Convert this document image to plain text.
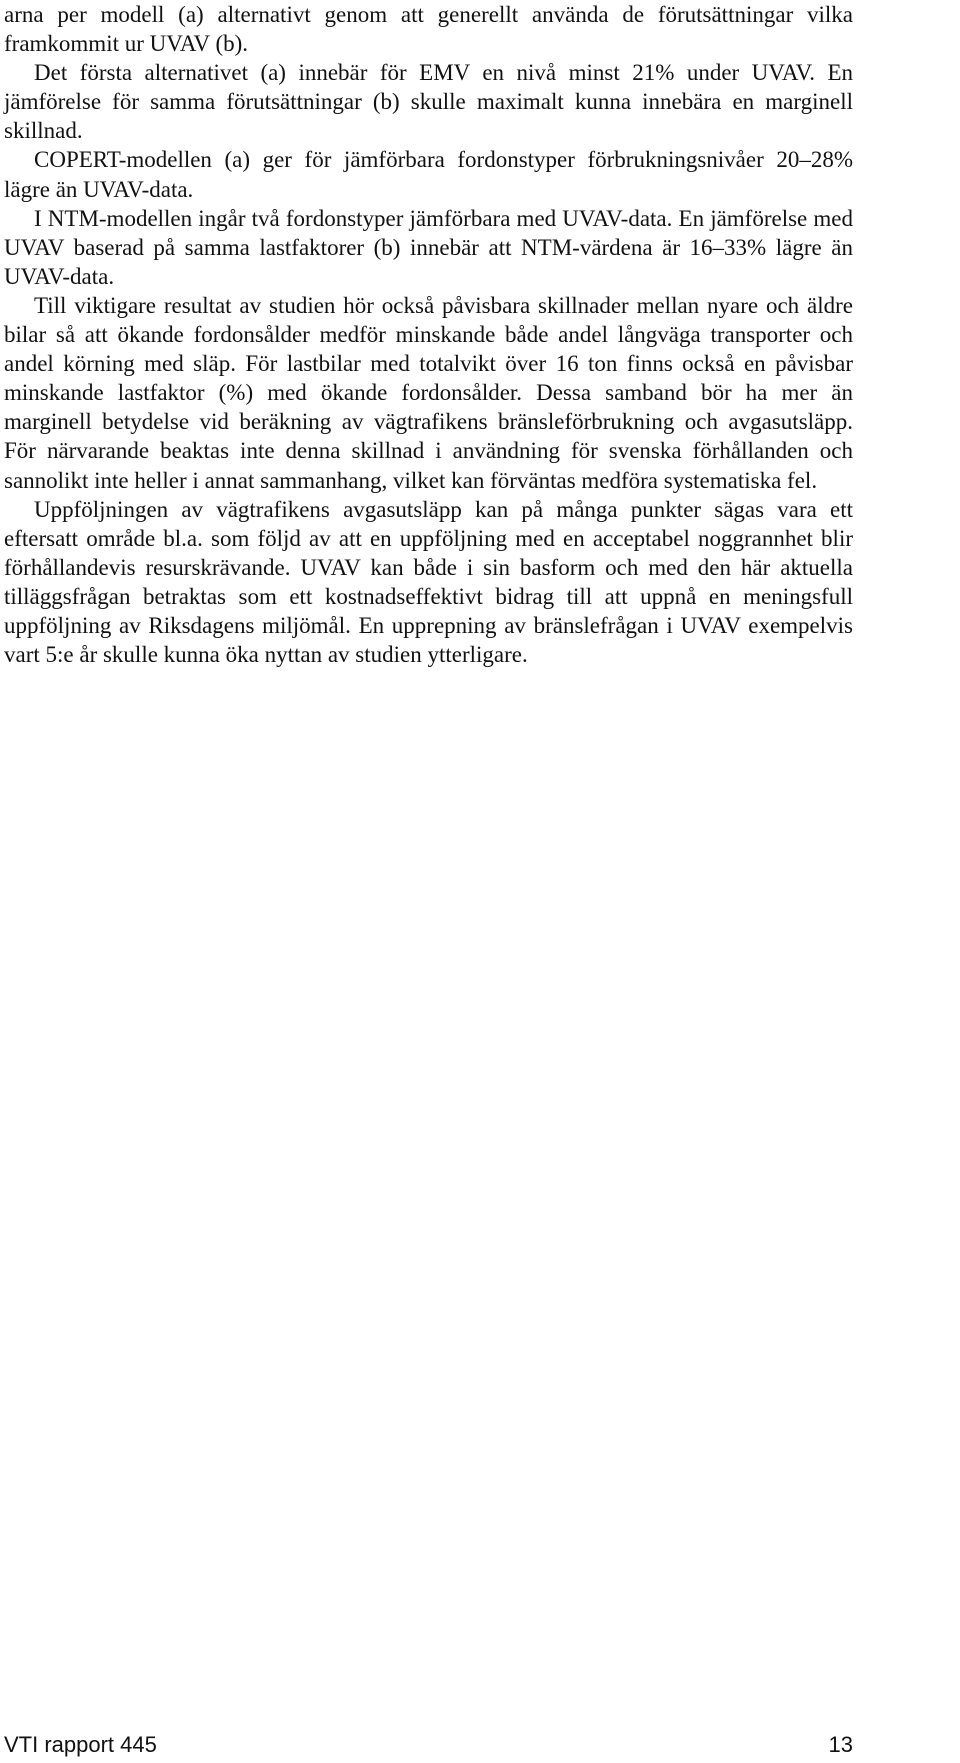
arna per modell (a) alternativt genom att generellt använda de förutsättningar vilka framkommit ur UVAV (b).

Det första alternativet (a) innebär för EMV en nivå minst 21% under UVAV. En jämförelse för samma förutsättningar (b) skulle maximalt kunna innebära en marginell skillnad.

COPERT-modellen (a) ger för jämförbara fordonstyper förbrukningsnivåer 20–28% lägre än UVAV-data.

I NTM-modellen ingår två fordonstyper jämförbara med UVAV-data. En jämförelse med UVAV baserad på samma lastfaktorer (b) innebär att NTM-värdena är 16–33% lägre än UVAV-data.

Till viktigare resultat av studien hör också påvisbara skillnader mellan nyare och äldre bilar så att ökande fordonsålder medför minskande både andel långväga transporter och andel körning med släp. För lastbilar med totalvikt över 16 ton finns också en påvisbar minskande lastfaktor (%) med ökande fordonsålder. Dessa samband bör ha mer än marginell betydelse vid beräkning av vägtrafikens bränsleförbrukning och avgasutsläpp. För närvarande beaktas inte denna skillnad i användning för svenska förhållanden och sannolikt inte heller i annat sammanhang, vilket kan förväntas medföra systematiska fel.

Uppföljningen av vägtrafikens avgasutsläpp kan på många punkter sägas vara ett eftersatt område bl.a. som följd av att en uppföljning med en acceptabel noggrannhet blir förhållandevis resurskrävande. UVAV kan både i sin basform och med den här aktuella tilläggsfrågan betraktas som ett kostnadseffektivt bidrag till att uppnå en meningsfull uppföljning av Riksdagens miljömål. En upprepning av bränslefrågan i UVAV exempelvis vart 5:e år skulle kunna öka nyttan av studien ytterligare.

VTI rapport 445	13
